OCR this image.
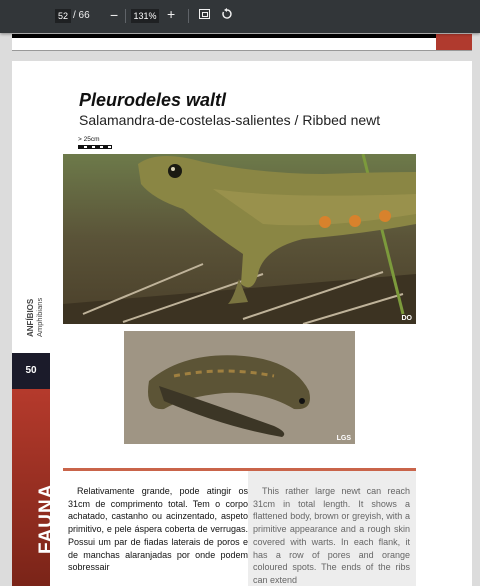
52 / 66 − 131% +
Pleurodeles waltl
Salamandra-de-costelas-salientes / Ribbed newt
> 25cm
DO
LGS
ANFÍBIOS Amphibians
50
FAUNA	Relativamente grande, pode atingir os 31cm de comprimento total. Tem o corpo achatado, castanho ou acinzentado, aspeto primitivo, e pele áspera coberta de verrugas. Possui um par de fiadas laterais de poros e de manchas alaranjadas por onde podem sobressair
This rather large newt can reach 31cm in total length. It shows a flattened body, brown or greyish, with a primitive appearance and a rough skin covered with warts. In each flank, it has a row of pores and orange coloured spots. The ends of the ribs can extend
